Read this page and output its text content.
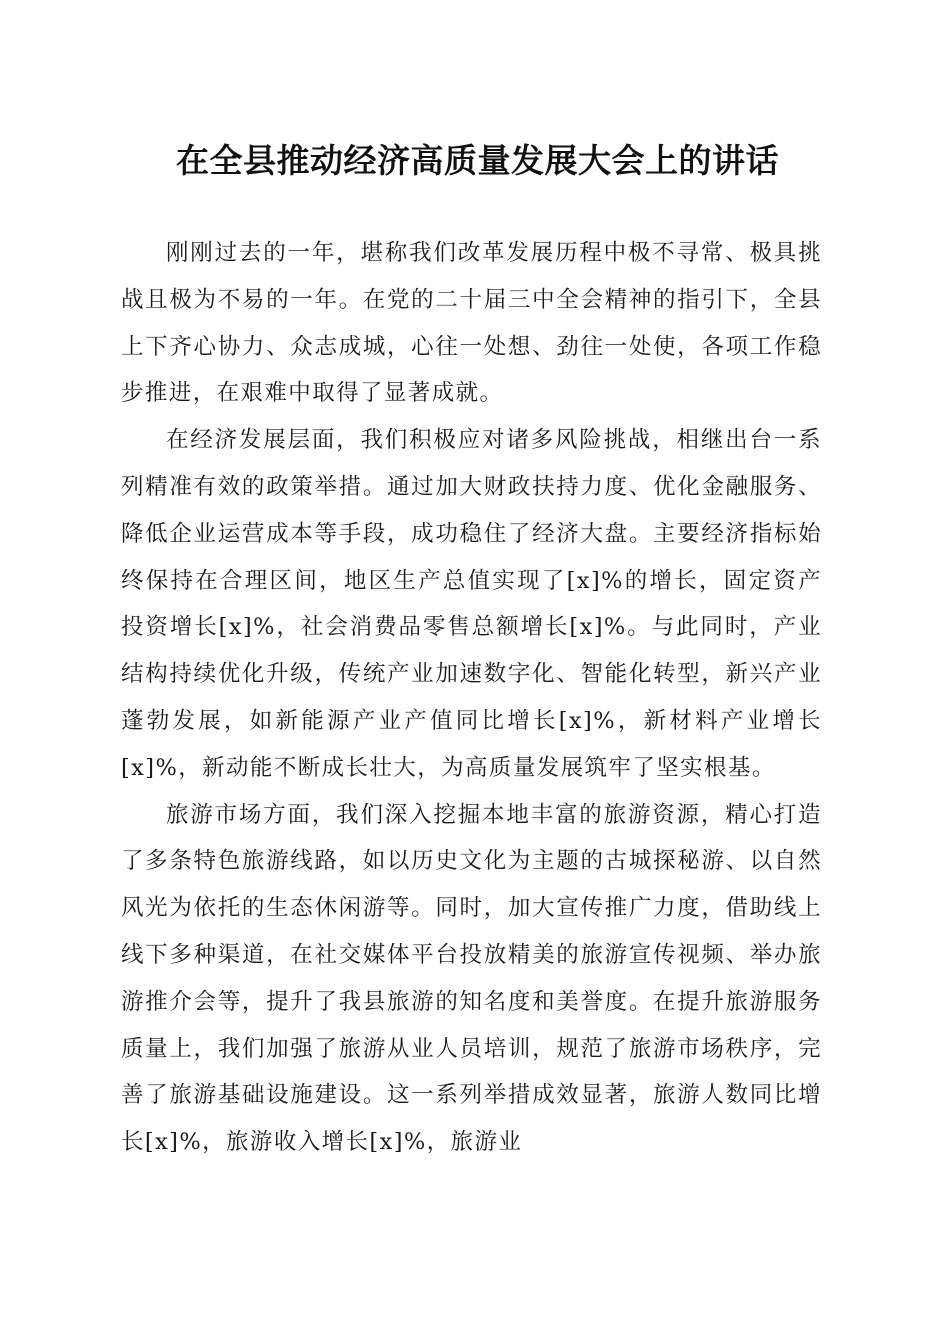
在全县推动经济高质量发展大会上的讲话

刚刚过去的一年，堪称我们改革发展历程中极不寻常、极具挑战且极为不易的一年。在党的二十届三中全会精神的指引下，全县上下齐心协力、众志成城，心往一处想、劲往一处使，各项工作稳步推进，在艰难中取得了显著成就。

在经济发展层面，我们积极应对诸多风险挑战，相继出台一系列精准有效的政策举措。通过加大财政扶持力度、优化金融服务、降低企业运营成本等手段，成功稳住了经济大盘。主要经济指标始终保持在合理区间，地区生产总值实现了[x]%的增长，固定资产投资增长[x]%，社会消费品零售总额增长[x]%。与此同时，产业结构持续优化升级，传统产业加速数字化、智能化转型，新兴产业蓬勃发展，如新能源产业产值同比增长[x]%，新材料产业增长[x]%，新动能不断成长壮大，为高质量发展筑牢了坚实根基。

旅游市场方面，我们深入挖掘本地丰富的旅游资源，精心打造了多条特色旅游线路，如以历史文化为主题的古城探秘游、以自然风光为依托的生态休闲游等。同时，加大宣传推广力度，借助线上线下多种渠道，在社交媒体平台投放精美的旅游宣传视频、举办旅游推介会等，提升了我县旅游的知名度和美誉度。在提升旅游服务质量上，我们加强了旅游从业人员培训，规范了旅游市场秩序，完善了旅游基础设施建设。这一系列举措成效显著，旅游人数同比增长[x]%，旅游收入增长[x]%，旅游业
